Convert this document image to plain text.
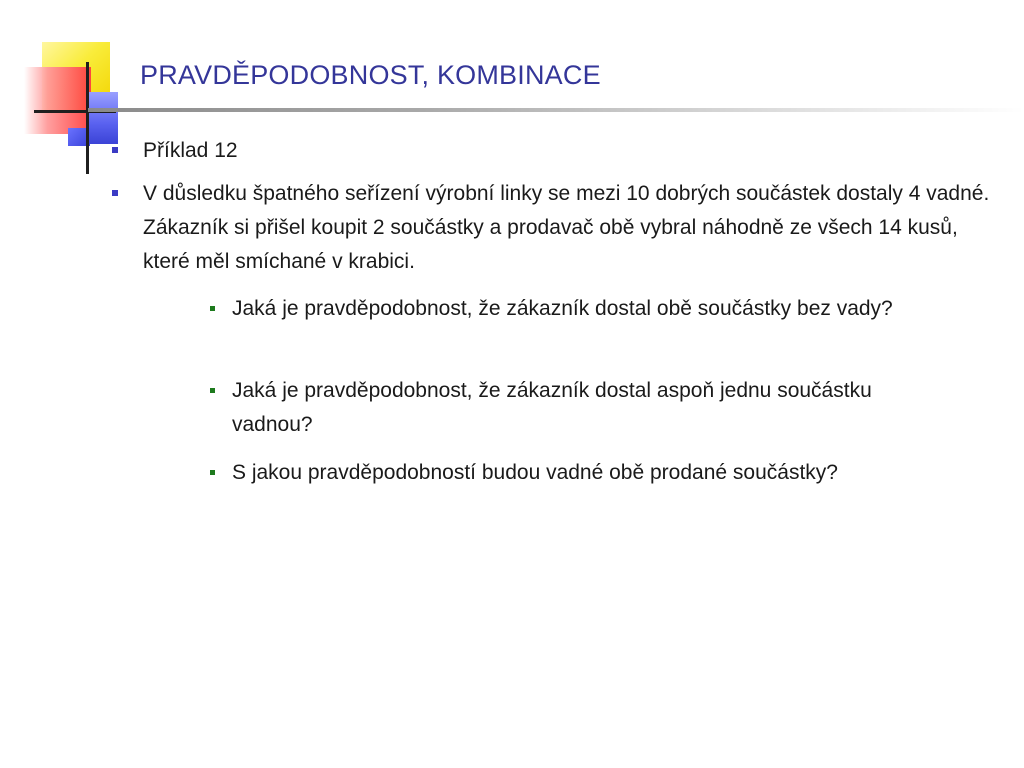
PRAVDĚPODOBNOST, KOMBINACE
Příklad 12
V důsledku špatného seřízení výrobní linky se mezi 10 dobrých součástek dostaly 4 vadné. Zákazník si přišel koupit 2 součástky a prodavač obě vybral náhodně ze všech 14 kusů, které měl smíchané v krabici.
Jaká je pravděpodobnost, že zákazník dostal obě součástky bez vady?
Jaká je pravděpodobnost, že zákazník dostal aspoň jednu součástku vadnou?
S jakou pravděpodobností budou vadné obě prodané součástky?
